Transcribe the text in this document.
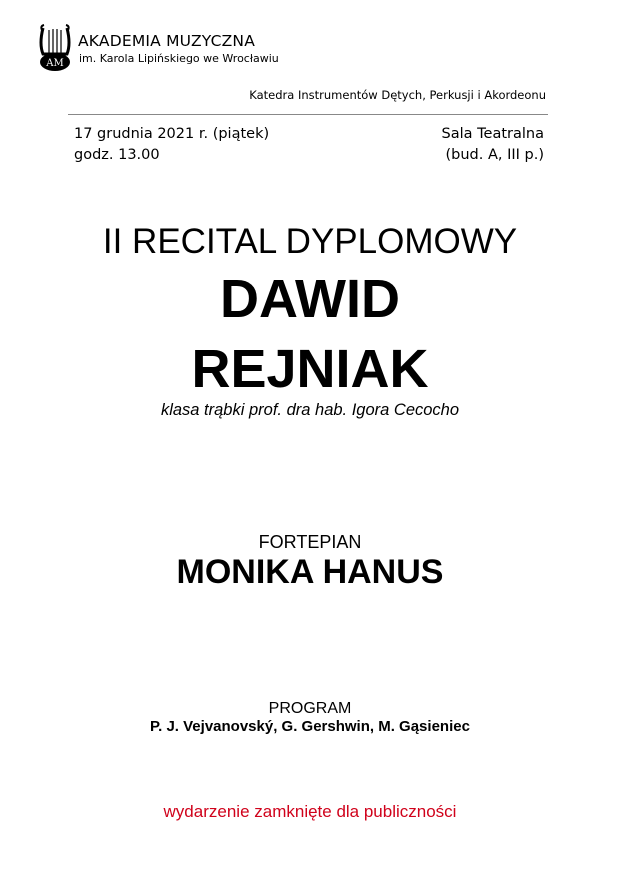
AM
AKADEMIA MUZYCZNA
im. Karola Lipińskiego we Wrocławiu
Katedra Instrumentów Dętych, Perkusji i Akordeonu
17 grudnia 2021 r. (piątek)
godz. 13.00
Sala Teatralna
(bud. A, III p.)
II RECITAL DYPLOMOWY
DAWID
REJNIAK
klasa trąbki prof. dra hab. Igora Cecocho
FORTEPIAN
MONIKA HANUS
PROGRAM
P. J. Vejvanovský, G. Gershwin, M. Gąsieniec
wydarzenie zamknięte dla publiczności
